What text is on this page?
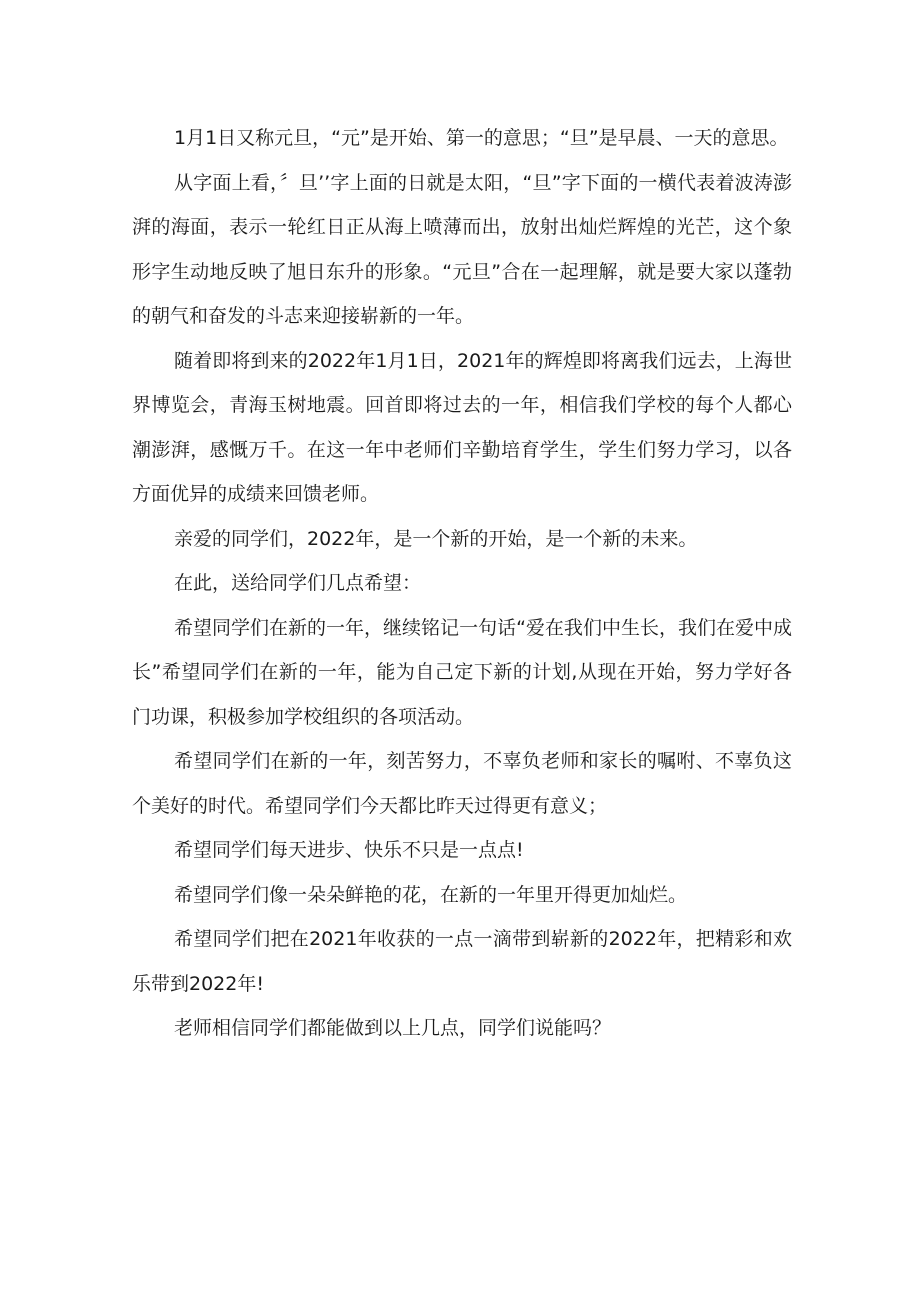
1月1日又称元旦，“元”是开始、第一的意思；“旦”是早晨、一天的意思。

从字面上看，〞旦’’字上面的日就是太阳，“旦”字下面的一横代表着波涛澎湃的海面，表示一轮红日正从海上喷薄而出，放射出灿烂辉煌的光芒，这个象形字生动地反映了旭日东升的形象。“元旦”合在一起理解，就是要大家以蓬勃的朝气和奋发的斗志来迎接崭新的一年。

随着即将到来的2022年1月1日，2021年的辉煌即将离我们远去，上海世界博览会，青海玉树地震。回首即将过去的一年，相信我们学校的每个人都心潮澎湃，感慨万千。在这一年中老师们辛勤培育学生，学生们努力学习，以各方面优异的成绩来回馈老师。

亲爱的同学们，2022年，是一个新的开始，是一个新的未来。

在此，送给同学们几点希望：

希望同学们在新的一年，继续铭记一句话“爱在我们中生长，我们在爱中成长”希望同学们在新的一年，能为自己定下新的计划,从现在开始，努力学好各门功课，积极参加学校组织的各项活动。

希望同学们在新的一年，刻苦努力，不辜负老师和家长的嘱咐、不辜负这个美好的时代。希望同学们今天都比昨天过得更有意义；

希望同学们每天进步、快乐不只是一点点!

希望同学们像一朵朵鲜艳的花，在新的一年里开得更加灿烂。

希望同学们把在2021年收获的一点一滴带到崭新的2022年，把精彩和欢乐带到2022年!

老师相信同学们都能做到以上几点，同学们说能吗？
